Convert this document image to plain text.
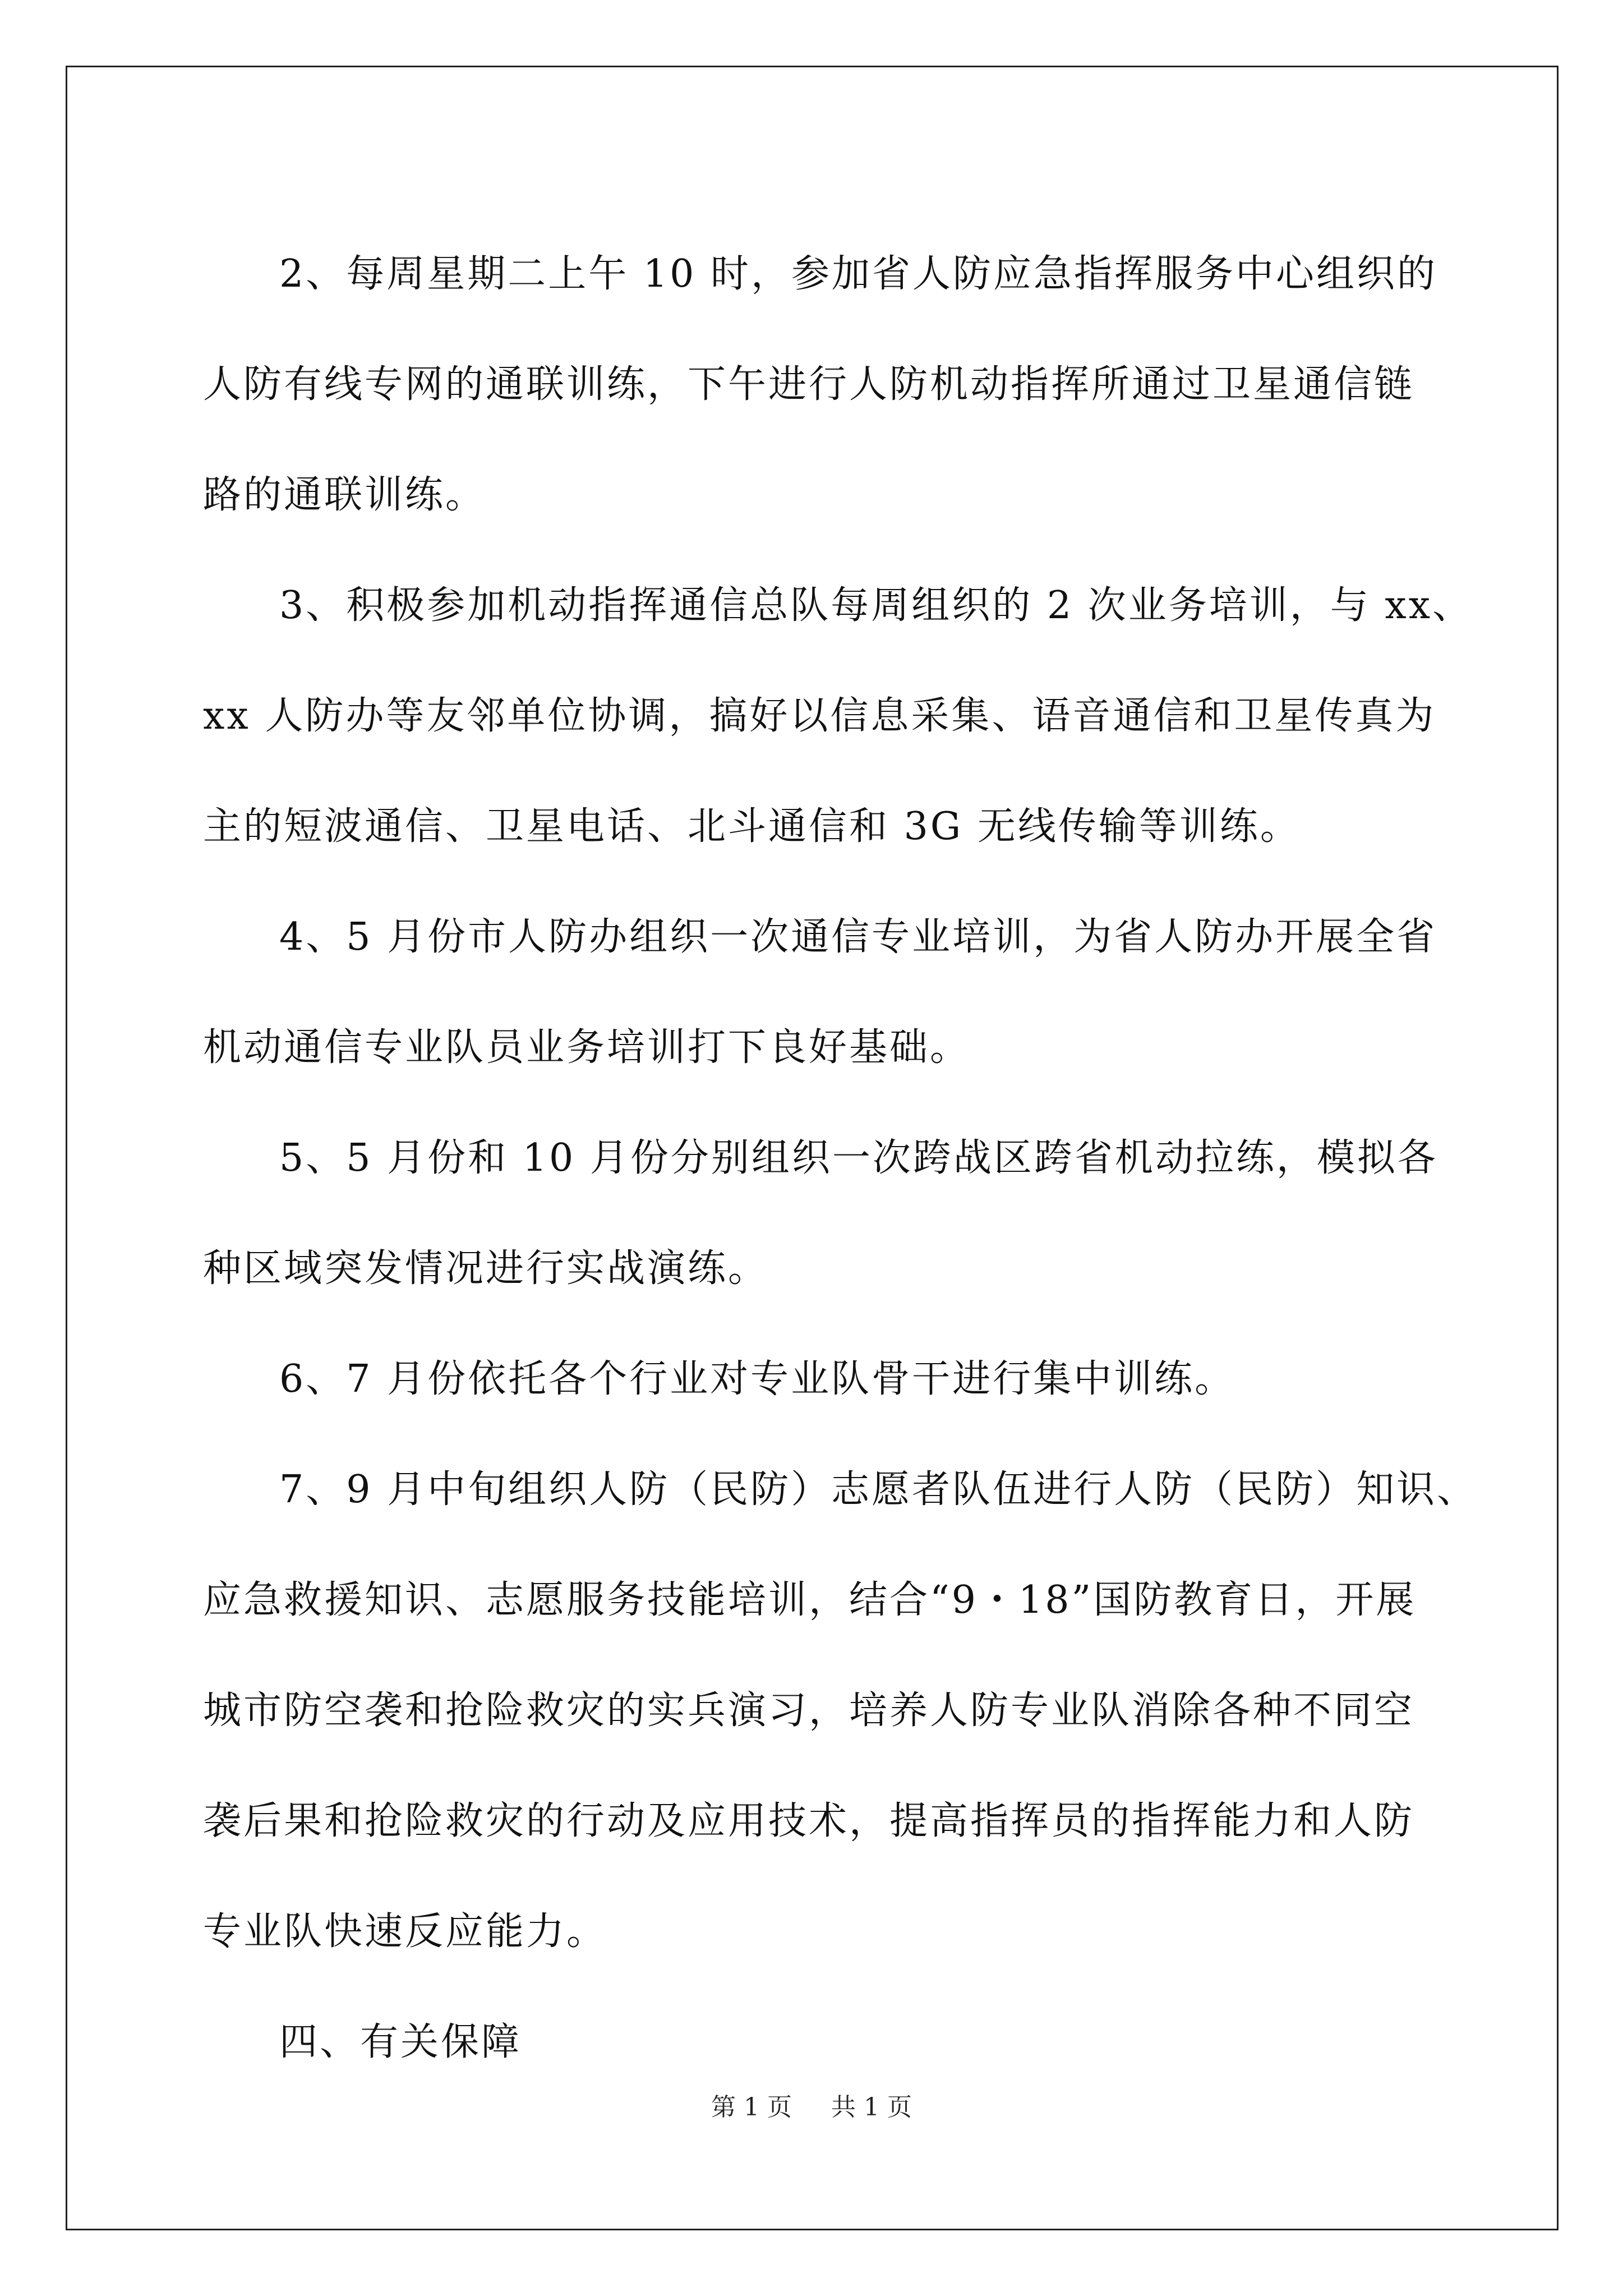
2、每周星期二上午 10 时，参加省人防应急指挥服务中心组织的
人防有线专网的通联训练，下午进行人防机动指挥所通过卫星通信链
路的通联训练。

3、积极参加机动指挥通信总队每周组织的 2 次业务培训，与 xx、
xx 人防办等友邻单位协调，搞好以信息采集、语音通信和卫星传真为
主的短波通信、卫星电话、北斗通信和 3G 无线传输等训练。

4、5 月份市人防办组织一次通信专业培训，为省人防办开展全省
机动通信专业队员业务培训打下良好基础。

5、5 月份和 10 月份分别组织一次跨战区跨省机动拉练，模拟各
种区域突发情况进行实战演练。

6、7 月份依托各个行业对专业队骨干进行集中训练。

7、9 月中旬组织人防（民防）志愿者队伍进行人防（民防）知识、
应急救援知识、志愿服务技能培训，结合“9・18”国防教育日，开展
城市防空袭和抢险救灾的实兵演习，培养人防专业队消除各种不同空
袭后果和抢险救灾的行动及应用技术，提高指挥员的指挥能力和人防
专业队快速反应能力。

四、有关保障

第 1 页 共 1 页
